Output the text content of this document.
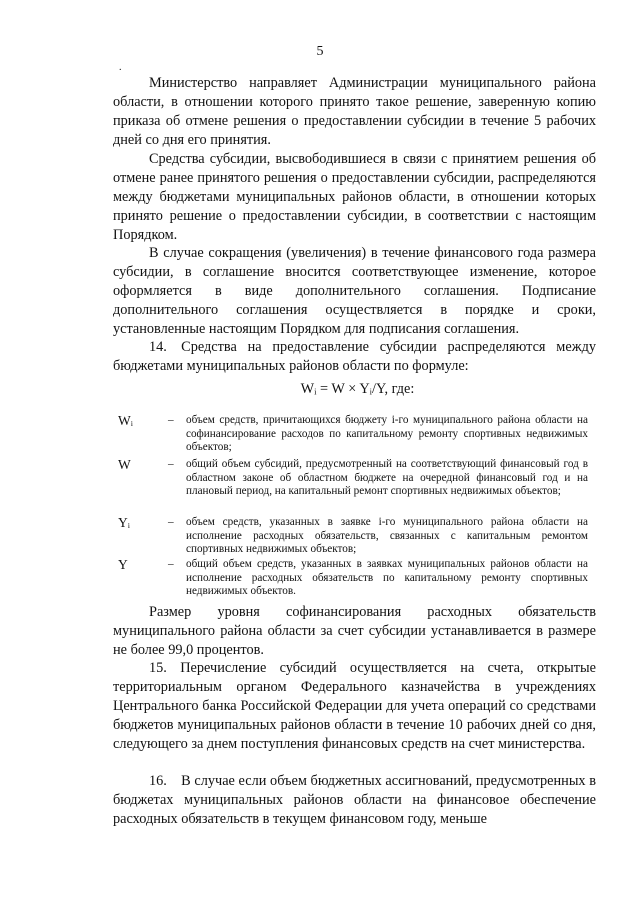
5
.
Министерство направляет Администрации муниципального района области, в отношении которого принято такое решение, заверенную копию приказа об отмене решения о предоставлении субсидии в течение 5 рабочих дней со дня его принятия.
Средства субсидии, высвободившиеся в связи с принятием решения об отмене ранее принятого решения о предоставлении субсидии, распределяются между бюджетами муниципальных районов области, в отношении которых принято решение о предоставлении субсидии, в соответствии с настоящим Порядком.
В случае сокращения (увеличения) в течение финансового года размера субсидии, в соглашение вносится соответствующее изменение, которое оформляется в виде дополнительного соглашения. Подписание дополнительного соглашения осуществляется в порядке и сроки, установленные настоящим Порядком для подписания соглашения.
14. Средства на предоставление субсидии распределяются между бюджетами муниципальных районов области по формуле:
Wᵢ = W × Yᵢ/Y, где:
Wᵢ	– объем средств, причитающихся бюджету i-го муниципального района области на софинансирование расходов по капитальному ремонту спортивных недвижимых объектов;
W	– общий объем субсидий, предусмотренный на соответствующий финансовый год в областном законе об областном бюджете на очередной финансовый год и на плановый период, на капитальный ремонт спортивных недвижимых объектов;
Yᵢ	– объем средств, указанных в заявке i-го муниципального района области на исполнение расходных обязательств, связанных с капитальным ремонтом спортивных недвижимых объектов;
Y	– общий объем средств, указанных в заявках муниципальных районов области на исполнение расходных обязательств по капитальному ремонту спортивных недвижимых объектов.
Размер уровня софинансирования расходных обязательств муниципального района области за счет субсидии устанавливается в размере не более 99,0 процентов.
15. Перечисление субсидий осуществляется на счета, открытые территориальным органом Федерального казначейства в учреждениях Центрального банка Российской Федерации для учета операций со средствами бюджетов муниципальных районов области в течение 10 рабочих дней со дня, следующего за днем поступления финансовых средств на счет министерства.
16. В случае если объем бюджетных ассигнований, предусмотренных в бюджетах муниципальных районов области на финансовое обеспечение расходных обязательств в текущем финансовом году, меньше
